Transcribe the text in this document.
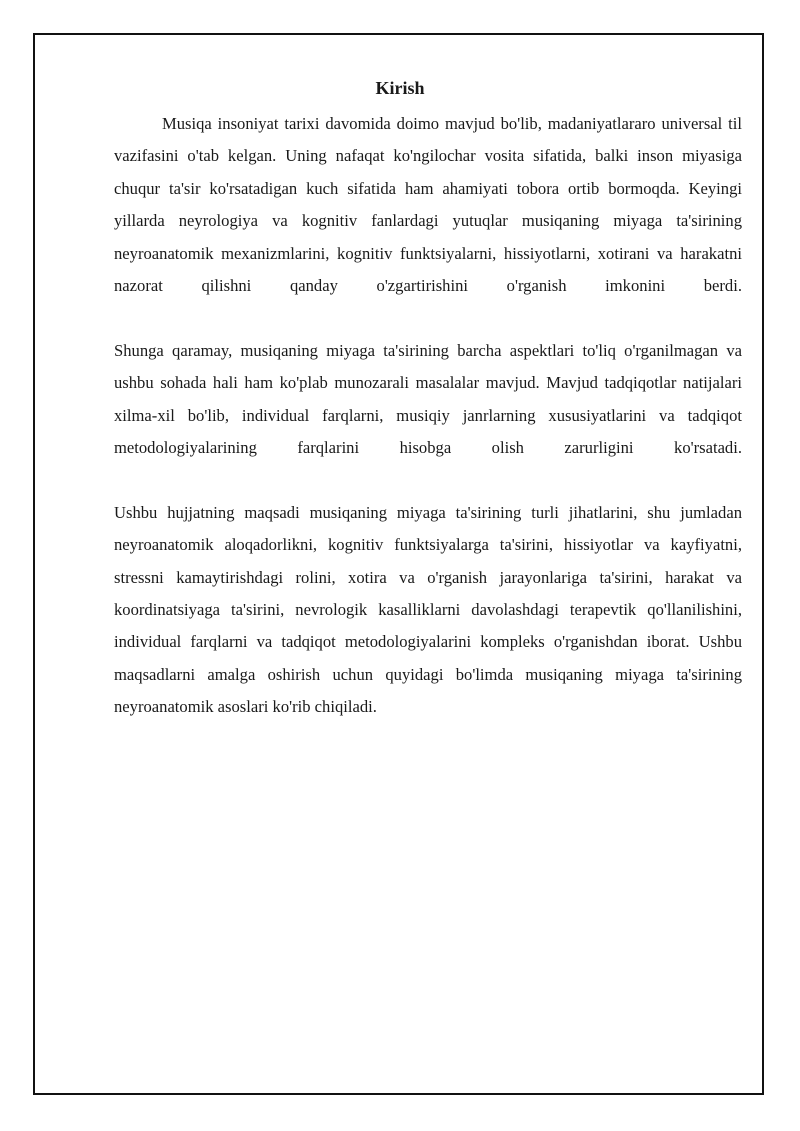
Kirish

Musiqa insoniyat tarixi davomida doimo mavjud bo'lib, madaniyatlararo universal til vazifasini o'tab kelgan. Uning nafaqat ko'ngilochar vosita sifatida, balki inson miyasiga chuqur ta'sir ko'rsatadigan kuch sifatida ham ahamiyati tobora ortib bormoqda. Keyingi yillarda neyrologiya va kognitiv fanlardagi yutuqlar musiqaning miyaga ta'sirining neyroanatomik mexanizmlarini, kognitiv funktsiyalarni, hissiyotlarni, xotirani va harakatni nazorat qilishni qanday o'zgartirishini o'rganish imkonini berdi.

Shunga qaramay, musiqaning miyaga ta'sirining barcha aspektlari to'liq o'rganilmagan va ushbu sohada hali ham ko'plab munozarali masalalar mavjud. Mavjud tadqiqotlar natijalari xilma-xil bo'lib, individual farqlarni, musiqiy janrlarning xususiyatlarini va tadqiqot metodologiyalarining farqlarini hisobga olish zarurligini ko'rsatadi.

Ushbu hujjatning maqsadi musiqaning miyaga ta'sirining turli jihatlarini, shu jumladan neyroanatomik aloqadorlikni, kognitiv funktsiyalarga ta'sirini, hissiyotlar va kayfiyatni, stressni kamaytirishdagi rolini, xotira va o'rganish jarayonlariga ta'sirini, harakat va koordinatsiyaga ta'sirini, nevrologik kasalliklarni davolashdagi terapevtik qo'llanilishini, individual farqlarni va tadqiqot metodologiyalarini kompleks o'rganishdan iborat. Ushbu maqsadlarni amalga oshirish uchun quyidagi bo'limda musiqaning miyaga ta'sirining neyroanatomik asoslari ko'rib chiqiladi.
